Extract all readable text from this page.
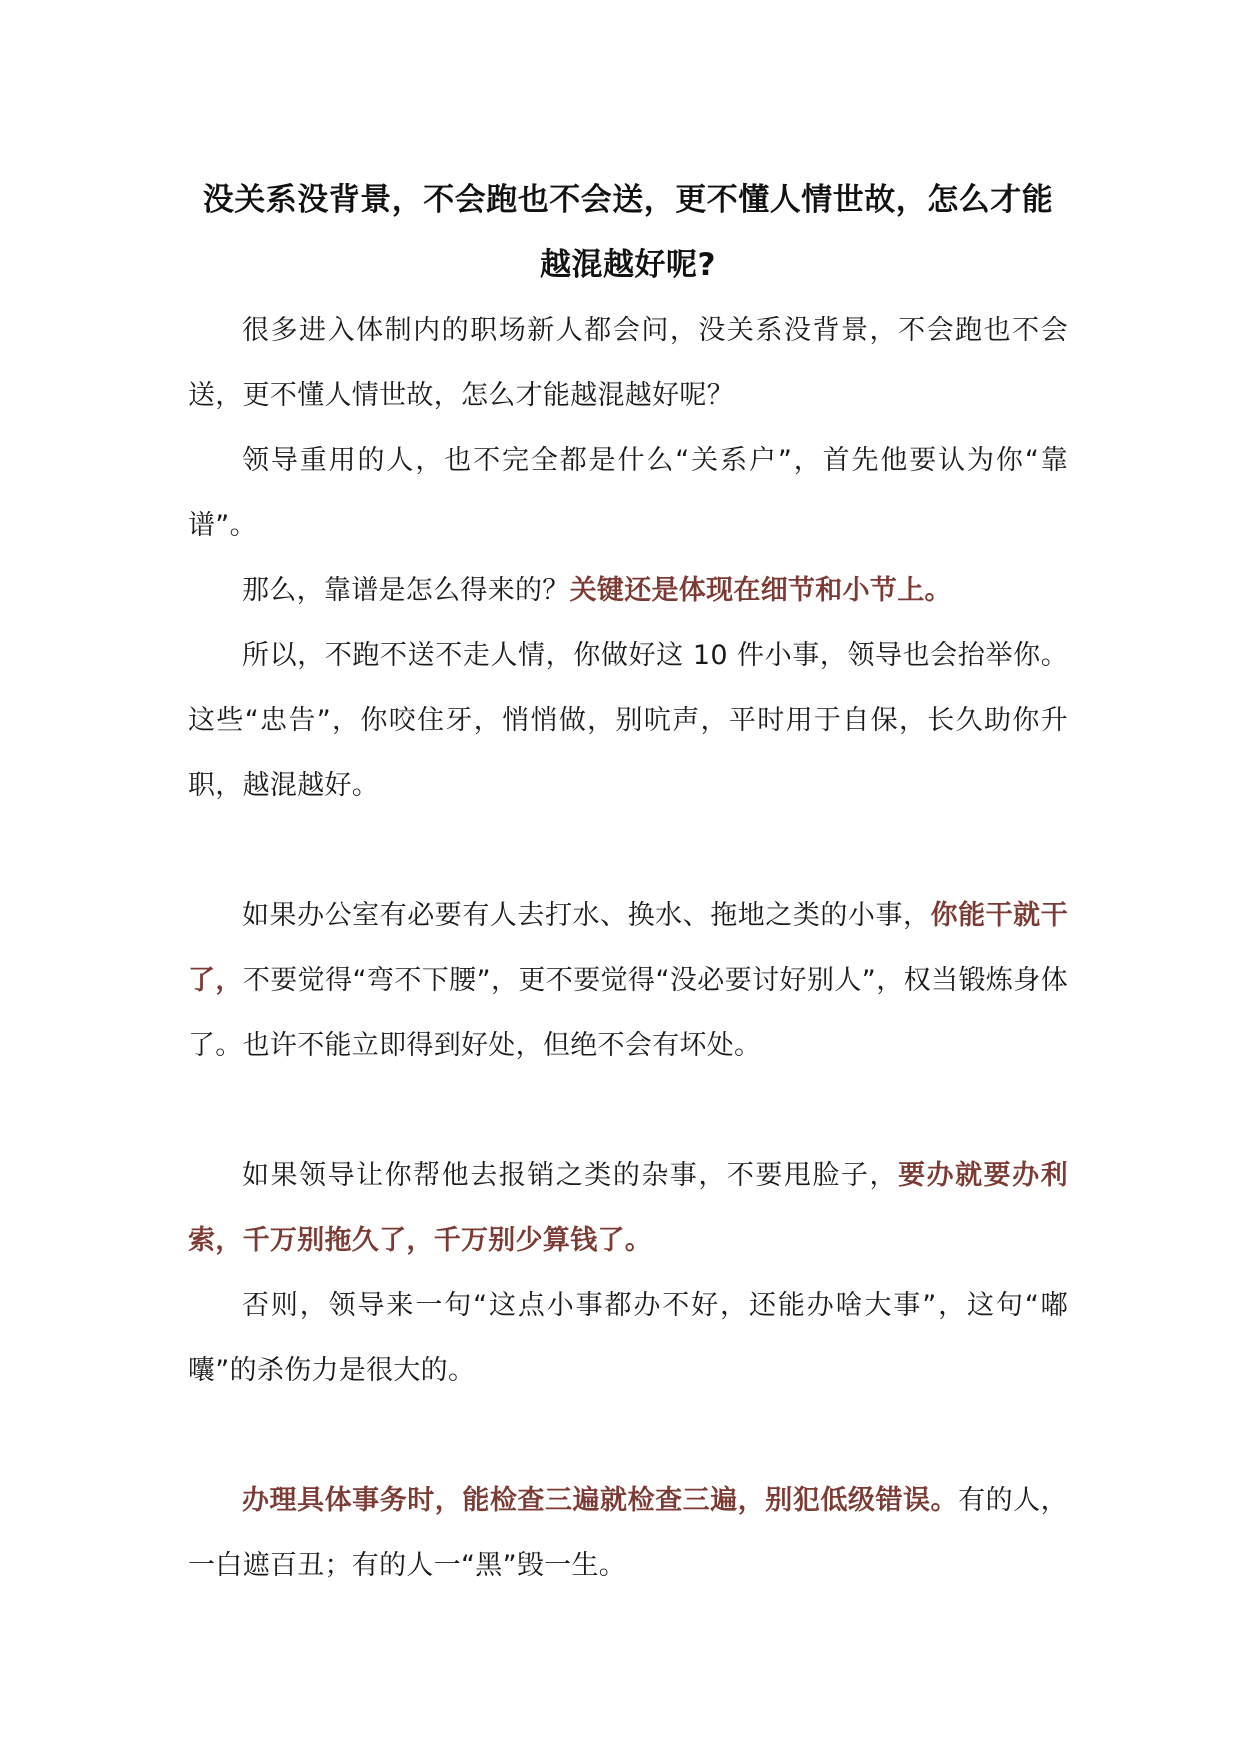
没关系没背景，不会跑也不会送，更不懂人情世故，怎么才能越混越好呢?

很多进入体制内的职场新人都会问，没关系没背景，不会跑也不会送，更不懂人情世故，怎么才能越混越好呢？

领导重用的人，也不完全都是什么“关系户”，首先他要认为你“靠谱”。

那么，靠谱是怎么得来的？关键还是体现在细节和小节上。

所以，不跑不送不走人情，你做好这 10 件小事，领导也会抬举你。这些“忠告”，你咬住牙，悄悄做，别吭声，平时用于自保，长久助你升职，越混越好。

如果办公室有必要有人去打水、换水、拖地之类的小事，你能干就干了，不要觉得“弯不下腰”，更不要觉得“没必要讨好别人”，权当锻炼身体了。也许不能立即得到好处，但绝不会有坏处。

如果领导让你帮他去报销之类的杂事，不要甩脸子，要办就要办利索，千万别拖久了，千万别少算钱了。

否则，领导来一句“这点小事都办不好，还能办啥大事”，这句“嘟囔”的杀伤力是很大的。

办理具体事务时，能检查三遍就检查三遍，别犯低级错误。有的人，一白遮百丑；有的人一“黑”毁一生。
